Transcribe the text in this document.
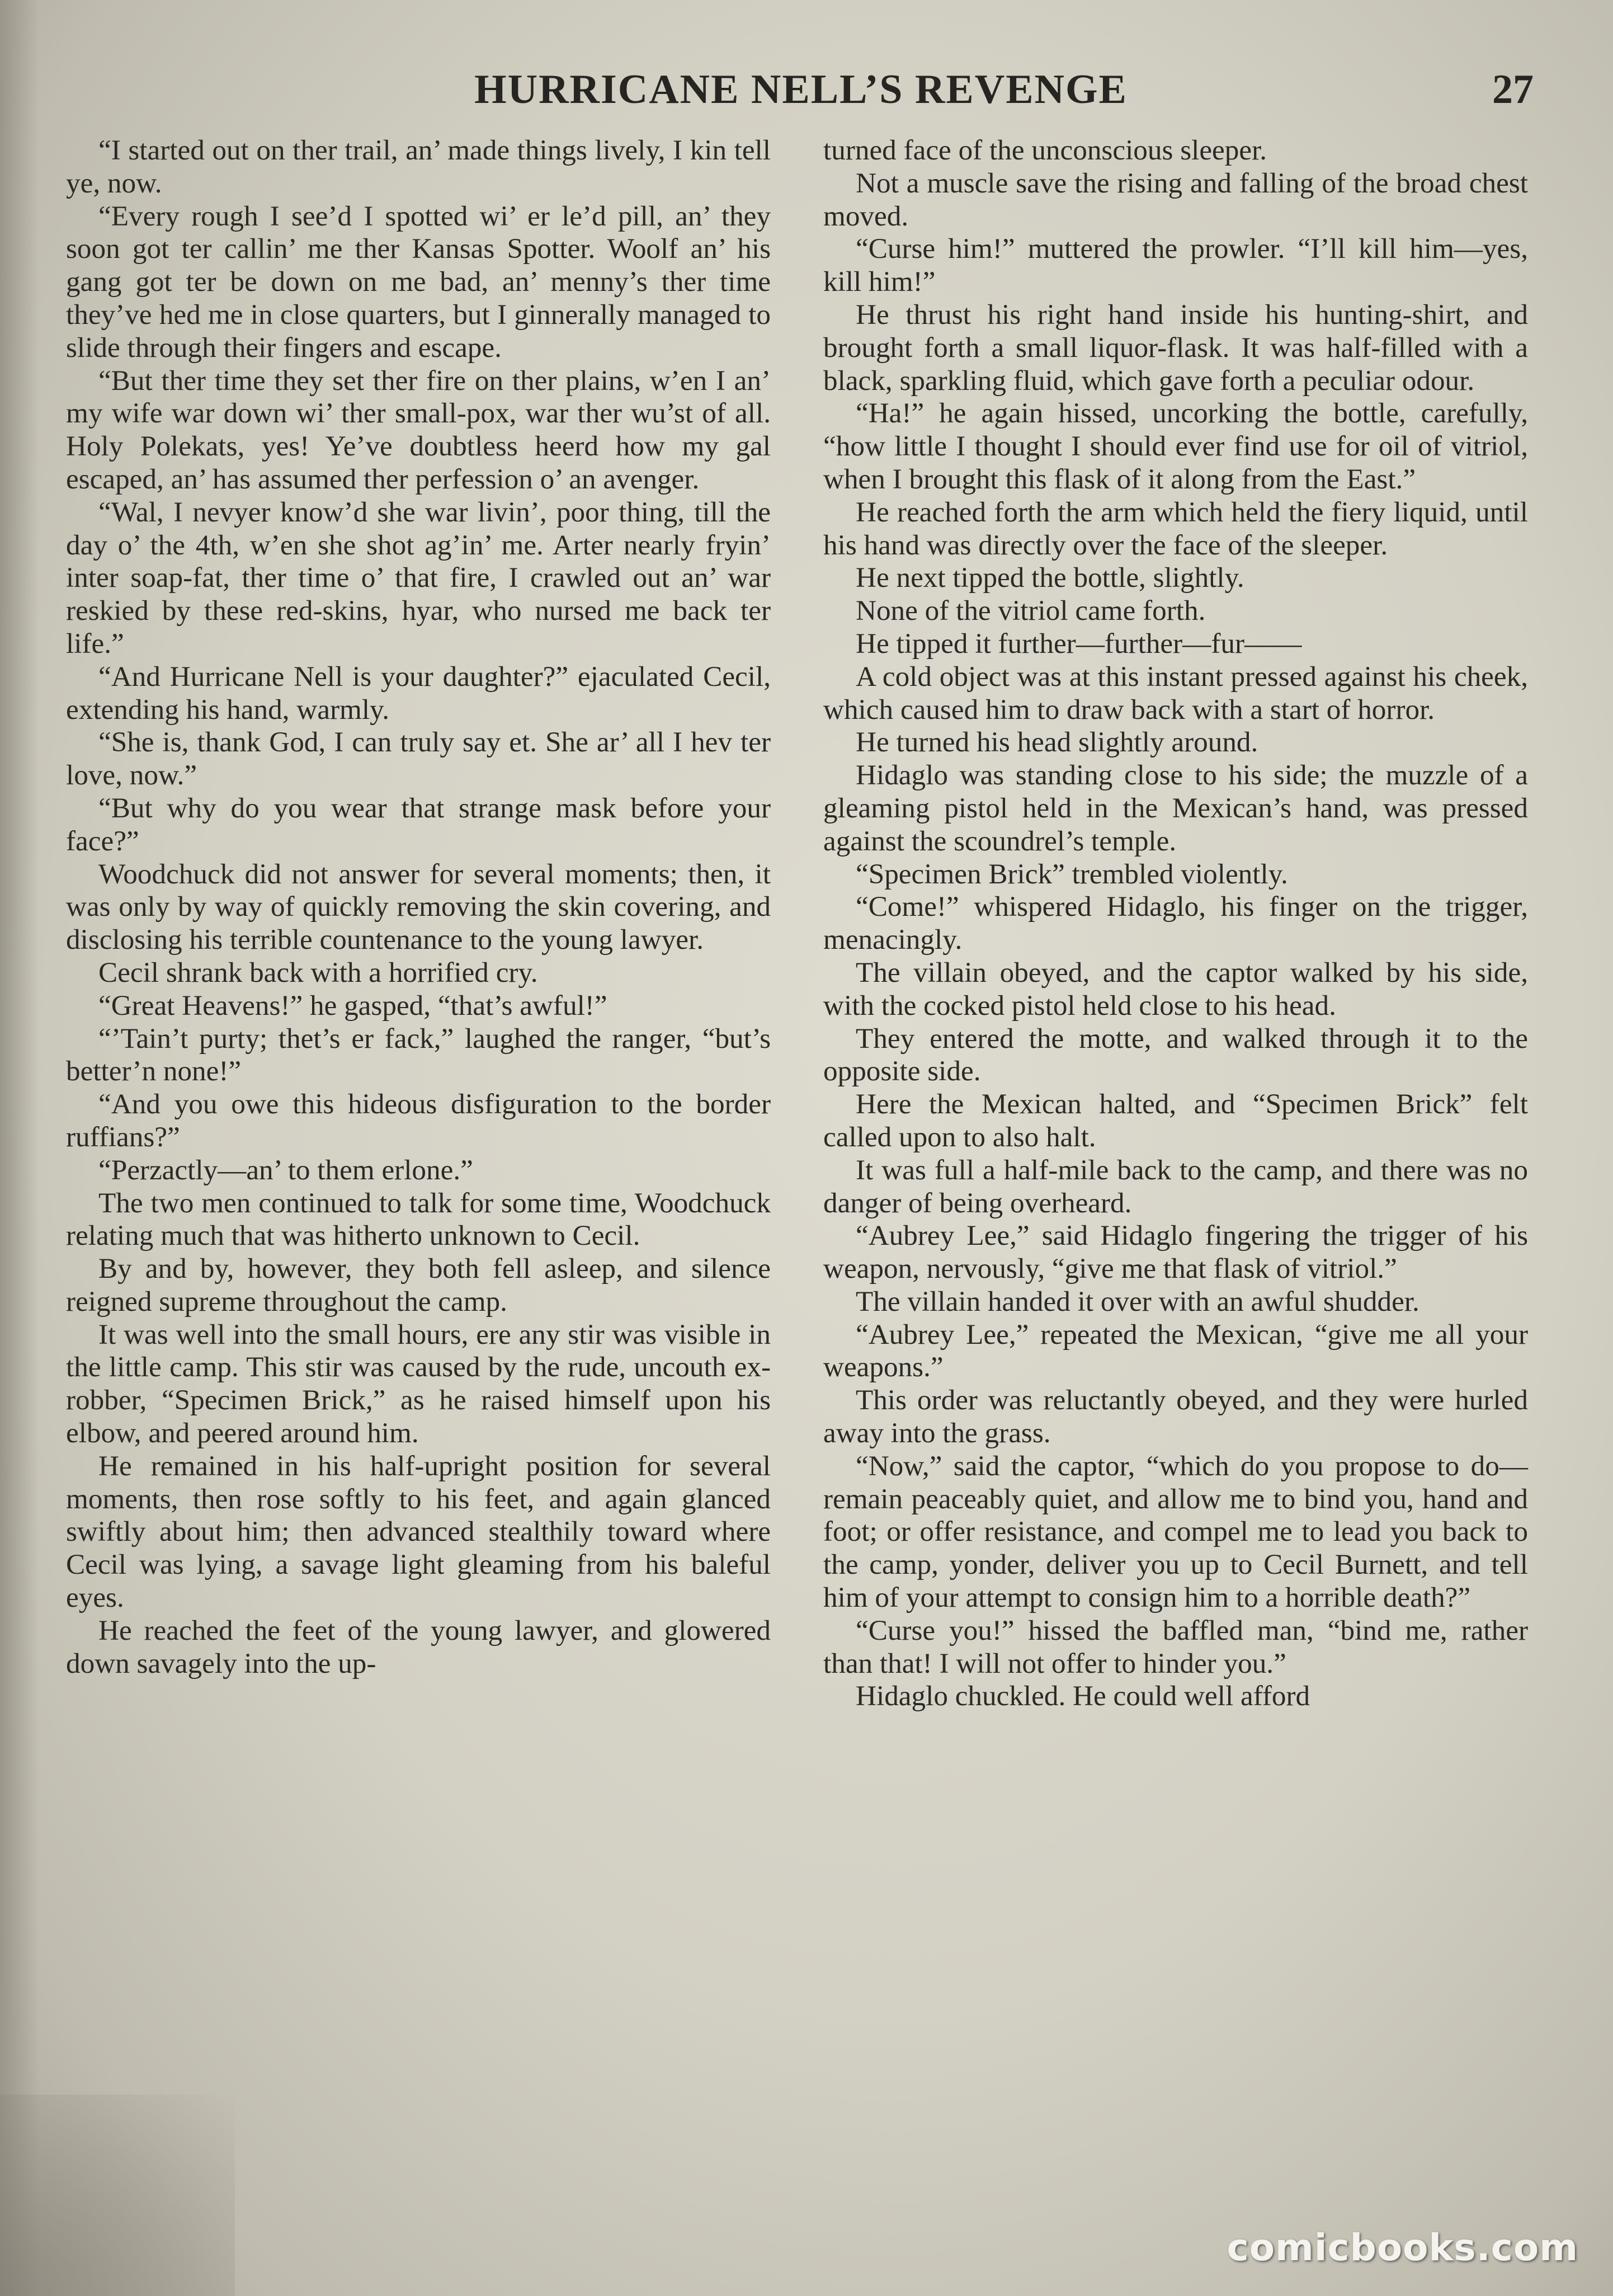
HURRICANE NELL’S REVENGE	27

“I started out on ther trail, an’ made things lively, I kin tell ye, now.

“Every rough I see’d I spotted wi’ er le’d pill, an’ they soon got ter callin’ me ther Kansas Spotter. Woolf an’ his gang got ter be down on me bad, an’ menny’s ther time they’ve hed me in close quarters, but I ginnerally managed to slide through their fingers and escape.

“But ther time they set ther fire on ther plains, w’en I an’ my wife war down wi’ ther small-pox, war ther wu’st of all. Holy Polekats, yes! Ye’ve doubtless heerd how my gal escaped, an’ has assumed ther perfession o’ an avenger.

“Wal, I nevyer know’d she war livin’, poor thing, till the day o’ the 4th, w’en she shot ag’in’ me. Arter nearly fryin’ inter soap-fat, ther time o’ that fire, I crawled out an’ war reskied by these red-skins, hyar, who nursed me back ter life.”

“And Hurricane Nell is your daughter?” ejaculated Cecil, extending his hand, warmly.

“She is, thank God, I can truly say et. She ar’ all I hev ter love, now.”

“But why do you wear that strange mask before your face?”

Woodchuck did not answer for several moments; then, it was only by way of quickly removing the skin covering, and disclosing his terrible countenance to the young lawyer.

Cecil shrank back with a horrified cry.

“Great Heavens!” he gasped, “that’s awful!”

“’Tain’t purty; thet’s er fack,” laughed the ranger, “but’s better’n none!”

“And you owe this hideous disfiguration to the border ruffians?”

“Perzactly—an’ to them erlone.”

The two men continued to talk for some time, Woodchuck relating much that was hitherto unknown to Cecil.

By and by, however, they both fell asleep, and silence reigned supreme throughout the camp.

It was well into the small hours, ere any stir was visible in the little camp. This stir was caused by the rude, uncouth ex-robber, “Specimen Brick,” as he raised himself upon his elbow, and peered around him.

He remained in his half-upright position for several moments, then rose softly to his feet, and again glanced swiftly about him; then advanced stealthily toward where Cecil was lying, a savage light gleaming from his baleful eyes.

He reached the feet of the young lawyer, and glowered down savagely into the up-

turned face of the unconscious sleeper.

Not a muscle save the rising and falling of the broad chest moved.

“Curse him!” muttered the prowler. “I’ll kill him—yes, kill him!”

He thrust his right hand inside his hunting-shirt, and brought forth a small liquor-flask. It was half-filled with a black, sparkling fluid, which gave forth a peculiar odour.

“Ha!” he again hissed, uncorking the bottle, carefully, “how little I thought I should ever find use for oil of vitriol, when I brought this flask of it along from the East.”

He reached forth the arm which held the fiery liquid, until his hand was directly over the face of the sleeper.

He next tipped the bottle, slightly.

None of the vitriol came forth.

He tipped it further—further—fur——

A cold object was at this instant pressed against his cheek, which caused him to draw back with a start of horror.

He turned his head slightly around.

Hidaglo was standing close to his side; the muzzle of a gleaming pistol held in the Mexican’s hand, was pressed against the scoundrel’s temple.

“Specimen Brick” trembled violently.

“Come!” whispered Hidaglo, his finger on the trigger, menacingly.

The villain obeyed, and the captor walked by his side, with the cocked pistol held close to his head.

They entered the motte, and walked through it to the opposite side.

Here the Mexican halted, and “Specimen Brick” felt called upon to also halt.

It was full a half-mile back to the camp, and there was no danger of being overheard.

“Aubrey Lee,” said Hidaglo fingering the trigger of his weapon, nervously, “give me that flask of vitriol.”

The villain handed it over with an awful shudder.

“Aubrey Lee,” repeated the Mexican, “give me all your weapons.”

This order was reluctantly obeyed, and they were hurled away into the grass.

“Now,” said the captor, “which do you propose to do—remain peaceably quiet, and allow me to bind you, hand and foot; or offer resistance, and compel me to lead you back to the camp, yonder, deliver you up to Cecil Burnett, and tell him of your attempt to consign him to a horrible death?”

“Curse you!” hissed the baffled man, “bind me, rather than that! I will not offer to hinder you.”

Hidaglo chuckled. He could well afford

comicbooks.com
